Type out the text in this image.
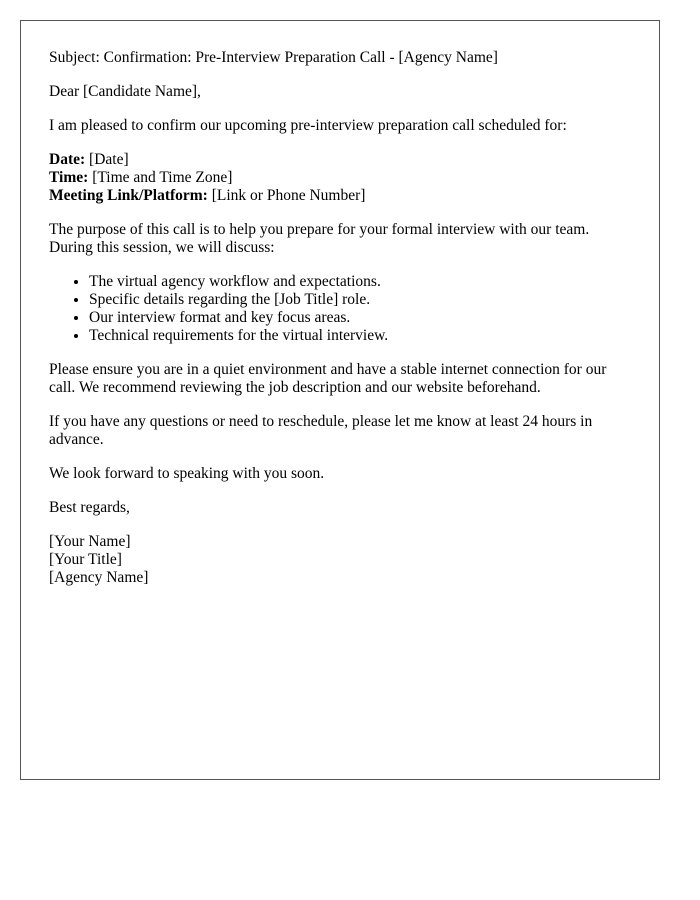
Subject: Confirmation: Pre-Interview Preparation Call - [Agency Name]

Dear [Candidate Name],

I am pleased to confirm our upcoming pre-interview preparation call scheduled for:

Date: [Date]
Time: [Time and Time Zone]
Meeting Link/Platform: [Link or Phone Number]

The purpose of this call is to help you prepare for your formal interview with our team. During this session, we will discuss:

• The virtual agency workflow and expectations.
• Specific details regarding the [Job Title] role.
• Our interview format and key focus areas.
• Technical requirements for the virtual interview.

Please ensure you are in a quiet environment and have a stable internet connection for our call. We recommend reviewing the job description and our website beforehand.

If you have any questions or need to reschedule, please let me know at least 24 hours in advance.

We look forward to speaking with you soon.

Best regards,

[Your Name]
[Your Title]
[Agency Name]
